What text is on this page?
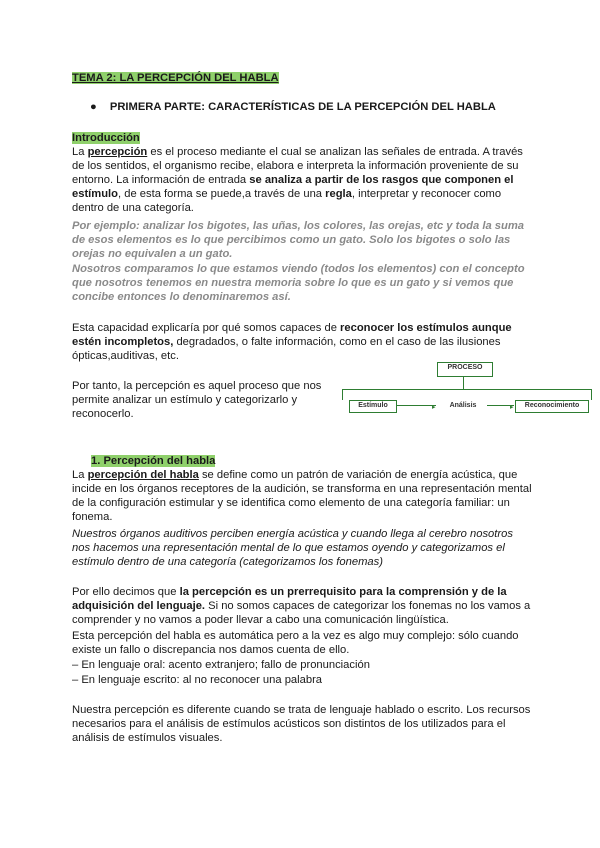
TEMA 2: LA PERCEPCIÓN DEL HABLA
● PRIMERA PARTE: CARACTERÍSTICAS DE LA PERCEPCIÓN DEL HABLA
Introducción

La percepción es el proceso mediante el cual se analizan las señales de entrada. A través de los sentidos, el organismo recibe, elabora e interpreta la información proveniente de su entorno. La información de entrada se analiza a partir de los rasgos que componen el estímulo, de esta forma se puede,a través de una regla, interpretar y reconocer como dentro de una categoría.

Por ejemplo: analizar los bigotes, las uñas, los colores, las orejas, etc y toda la suma de esos elementos es lo que percibimos como un gato. Solo los bigotes o solo las orejas no equivalen a un gato.

Nosotros comparamos lo que estamos viendo (todos los elementos) con el concepto que nosotros tenemos en nuestra memoria sobre lo que es un gato y si vemos que concibe entonces lo denominaremos así.

Esta capacidad explicaría por qué somos capaces de reconocer los estímulos aunque estén incompletos, degradados, o falte información, como en el caso de las ilusiones ópticas,auditivas, etc.

Por tanto, la percepción es aquel proceso que nos permite analizar un estímulo y categorizarlo y reconocerlo.

PROCESO
Estímulo	▸	Análisis	▸	Reconocimiento
1. Percepción del habla

La percepción del habla se define como un patrón de variación de energía acústica, que incide en los órganos receptores de la audición, se transforma en una representación mental de la configuración estimular y se identifica como elemento de una categoría familiar: un fonema.

Nuestros órganos auditivos perciben energía acústica y cuando llega al cerebro nosotros nos hacemos una representación mental de lo que estamos oyendo y categorizamos el estímulo dentro de una categoría (categorizamos los fonemas)

Por ello decimos que la percepción es un prerrequisito para la comprensión y de la adquisición del lenguaje. Si no somos capaces de categorizar los fonemas no los vamos a comprender y no vamos a poder llevar a cabo una comunicación lingüística.

Esta percepción del habla es automática pero a la vez es algo muy complejo: sólo cuando existe un fallo o discrepancia nos damos cuenta de ello.

– En lenguaje oral: acento extranjero; fallo de pronunciación

– En lenguaje escrito: al no reconocer una palabra

Nuestra percepción es diferente cuando se trata de lenguaje hablado o escrito. Los recursos necesarios para el análisis de estímulos acústicos son distintos de los utilizados para el análisis de estímulos visuales.
